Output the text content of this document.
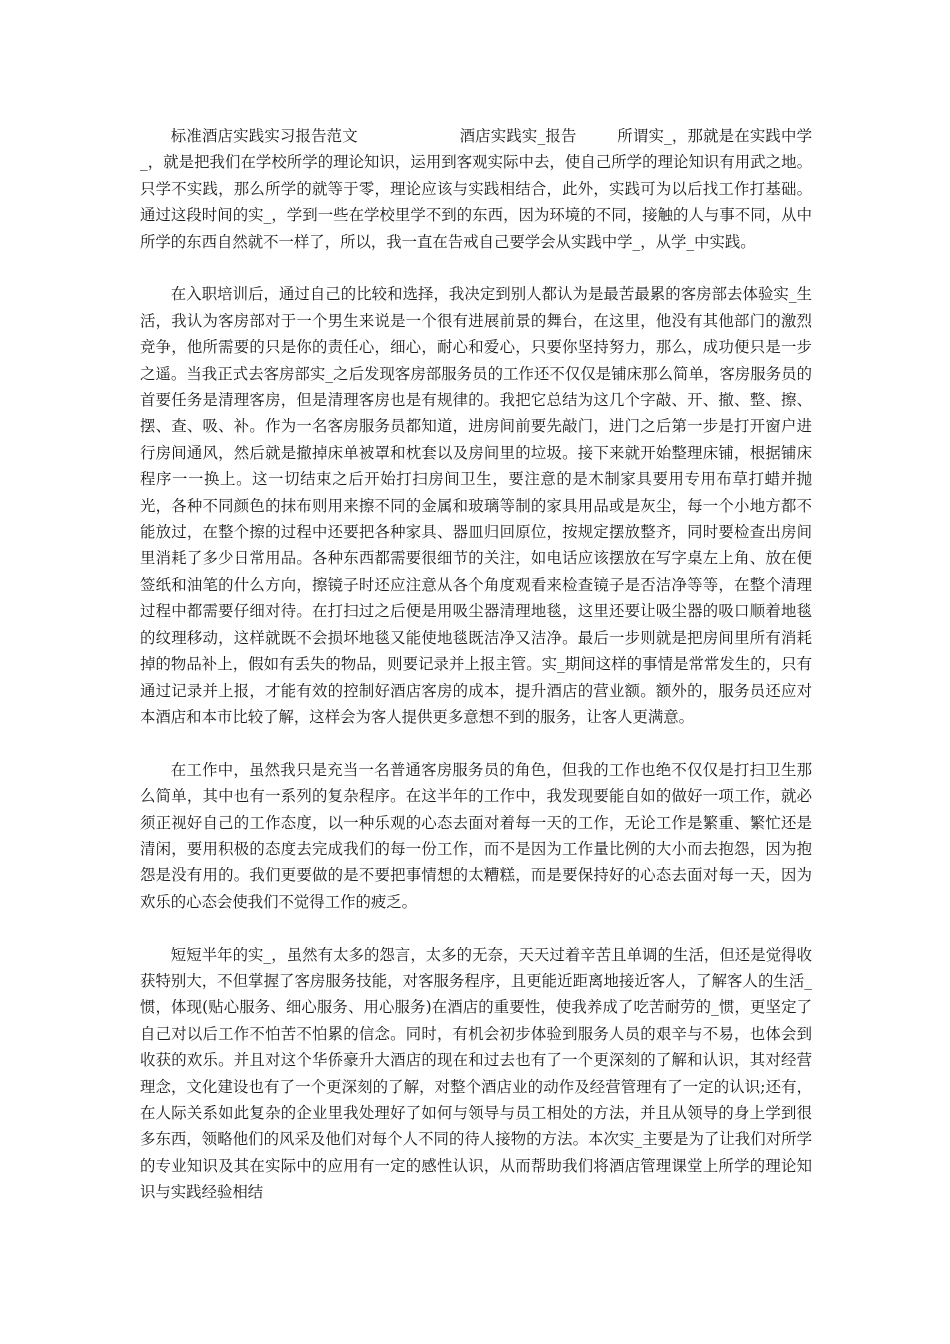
标准酒店实践实习报告范文                    酒店实践实_报告        所谓实_，那就是在实践中学_，就是把我们在学校所学的理论知识，运用到客观实际中去，使自己所学的理论知识有用武之地。只学不实践，那么所学的就等于零，理论应该与实践相结合，此外，实践可为以后找工作打基础。通过这段时间的实_，学到一些在学校里学不到的东西，因为环境的不同，接触的人与事不同，从中所学的东西自然就不一样了，所以，我一直在告戒自己要学会从实践中学_，从学_中实践。

在入职培训后，通过自己的比较和选择，我决定到别人都认为是最苦最累的客房部去体验实_生活，我认为客房部对于一个男生来说是一个很有进展前景的舞台，在这里，他没有其他部门的激烈竞争，他所需要的只是你的责任心，细心，耐心和爱心，只要你坚持努力，那么，成功便只是一步之遥。当我正式去客房部实_之后发现客房部服务员的工作还不仅仅是铺床那么简单，客房服务员的首要任务是清理客房，但是清理客房也是有规律的。我把它总结为这几个字敲、开、撤、整、擦、摆、查、吸、补。作为一名客房服务员都知道，进房间前要先敲门，进门之后第一步是打开窗户进行房间通风，然后就是撤掉床单被罩和枕套以及房间里的垃圾。接下来就开始整理床铺，根据铺床程序一一换上。这一切结束之后开始打扫房间卫生，要注意的是木制家具要用专用布草打蜡并抛光，各种不同颜色的抹布则用来擦不同的金属和玻璃等制的家具用品或是灰尘，每一个小地方都不能放过，在整个擦的过程中还要把各种家具、器皿归回原位，按规定摆放整齐，同时要检查出房间里消耗了多少日常用品。各种东西都需要很细节的关注，如电话应该摆放在写字桌左上角、放在便签纸和油笔的什么方向，擦镜子时还应注意从各个角度观看来检查镜子是否洁净等等，在整个清理过程中都需要仔细对待。在打扫过之后便是用吸尘器清理地毯，这里还要让吸尘器的吸口顺着地毯的纹理移动，这样就既不会损坏地毯又能使地毯既洁净又洁净。最后一步则就是把房间里所有消耗掉的物品补上，假如有丢失的物品，则要记录并上报主管。实_期间这样的事情是常常发生的，只有通过记录并上报，才能有效的控制好酒店客房的成本，提升酒店的营业额。额外的，服务员还应对本酒店和本市比较了解，这样会为客人提供更多意想不到的服务，让客人更满意。

在工作中，虽然我只是充当一名普通客房服务员的角色，但我的工作也绝不仅仅是打扫卫生那么简单，其中也有一系列的复杂程序。在这半年的工作中，我发现要能自如的做好一项工作，就必须正视好自己的工作态度，以一种乐观的心态去面对着每一天的工作，无论工作是繁重、繁忙还是清闲，要用积极的态度去完成我们的每一份工作，而不是因为工作量比例的大小而去抱怨，因为抱怨是没有用的。我们更要做的是不要把事情想的太糟糕，而是要保持好的心态去面对每一天，因为欢乐的心态会使我们不觉得工作的疲乏。

短短半年的实_，虽然有太多的怨言，太多的无奈，天天过着辛苦且单调的生活，但还是觉得收获特别大，不但掌握了客房服务技能，对客服务程序，且更能近距离地接近客人，了解客人的生活_惯，体现(贴心服务、细心服务、用心服务)在酒店的重要性，使我养成了吃苦耐劳的_惯，更坚定了自己对以后工作不怕苦不怕累的信念。同时，有机会初步体验到服务人员的艰辛与不易，也体会到收获的欢乐。并且对这个华侨豪升大酒店的现在和过去也有了一个更深刻的了解和认识，其对经营理念，文化建设也有了一个更深刻的了解，对整个酒店业的动作及经营管理有了一定的认识;还有，在人际关系如此复杂的企业里我处理好了如何与领导与员工相处的方法，并且从领导的身上学到很多东西，领略他们的风采及他们对每个人不同的待人接物的方法。本次实_主要是为了让我们对所学的专业知识及其在实际中的应用有一定的感性认识，从而帮助我们将酒店管理课堂上所学的理论知识与实践经验相结
